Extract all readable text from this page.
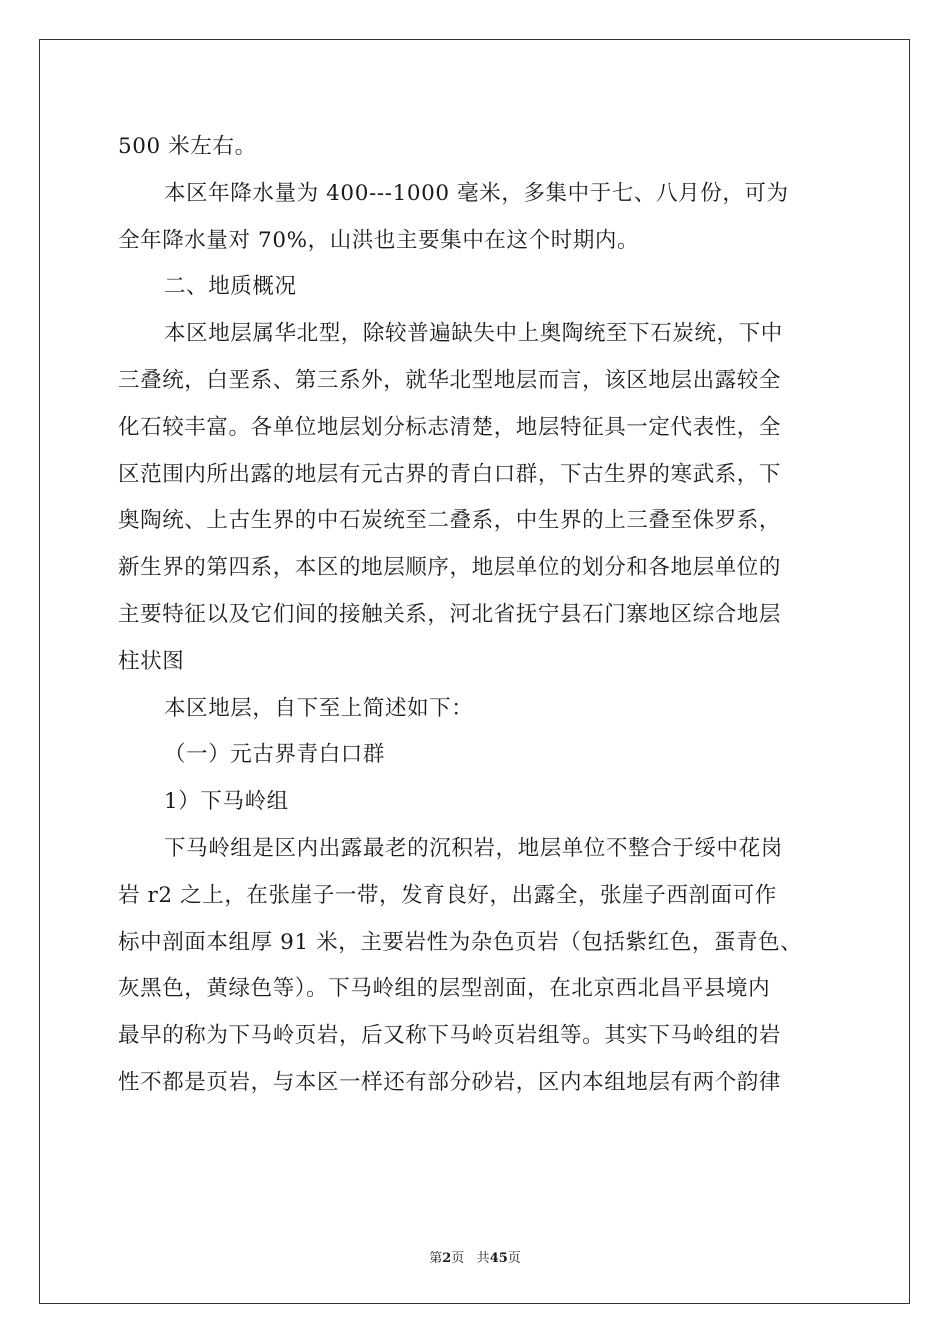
500 米左右。
本区年降水量为 400---1000 毫米，多集中于七、八月份，可为
全年降水量对 70%，山洪也主要集中在这个时期内。
二、地质概况
本区地层属华北型，除较普遍缺失中上奥陶统至下石炭统，下中
三叠统，白垩系、第三系外，就华北型地层而言，该区地层出露较全
化石较丰富。各单位地层划分标志清楚，地层特征具一定代表性，全
区范围内所出露的地层有元古界的青白口群，下古生界的寒武系，下
奥陶统、上古生界的中石炭统至二叠系，中生界的上三叠至侏罗系，
新生界的第四系，本区的地层顺序，地层单位的划分和各地层单位的
主要特征以及它们间的接触关系，河北省抚宁县石门寨地区综合地层
柱状图
本区地层，自下至上简述如下：
（一）元古界青白口群
1）下马岭组
下马岭组是区内出露最老的沉积岩，地层单位不整合于绥中花岗
岩 r2 之上，在张崖子一带，发育良好，出露全，张崖子西剖面可作
标中剖面本组厚 91 米，主要岩性为杂色页岩（包括紫红色，蛋青色、
灰黑色，黄绿色等）。下马岭组的层型剖面，在北京西北昌平县境内
最早的称为下马岭页岩，后又称下马岭页岩组等。其实下马岭组的岩
性不都是页岩，与本区一样还有部分砂岩，区内本组地层有两个韵律
第2页 共45页
